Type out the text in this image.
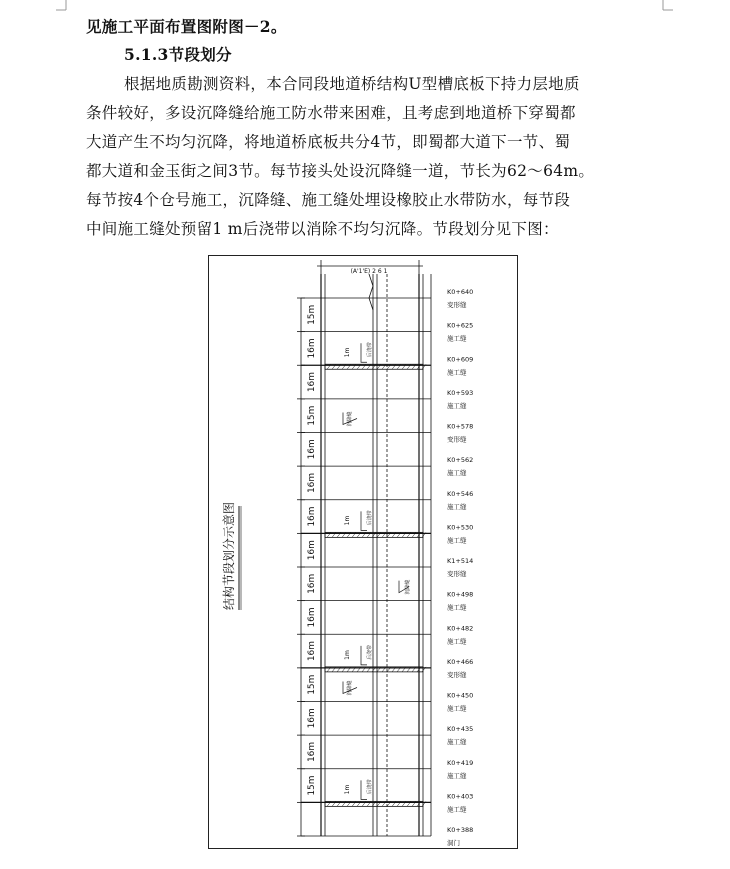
见施工平面布置图附图－2。
5.1.3节段划分
根据地质勘测资料，本合同段地道桥结构U型槽底板下持力层地质
条件较好，多设沉降缝给施工防水带来困难，且考虑到地道桥下穿蜀都
大道产生不均匀沉降，将地道桥底板共分4节，即蜀都大道下一节、蜀
都大道和金玉街之间3节。每节接头处设沉降缝一道，节长为62～64m。
每节按4个仓号施工，沉降缝、施工缝处埋设橡胶止水带防水，每节段
中间施工缝处预留1 m后浇带以消除不均匀沉降。节段划分见下图：
结构节段划分示意图
(A'1'E) 2 6 1
15m
16m
16m
15m
16m
16m
16m
16m
16m
16m
16m
15m
16m
16m
15m
K0+640
变形缝
K0+625
施工缝
K0+609
施工缝
K0+593
施工缝
K0+578
变形缝
K0+562
施工缝
K0+546
施工缝
K0+530
施工缝
K1+514
变形缝
K0+498
施工缝
K0+482
施工缝
K0+466
变形缝
K0+450
施工缝
K0+435
施工缝
K0+419
施工缝
K0+403
施工缝
K0+388
洞门
1m	后浇带
1m	后浇带
1m	后浇带
1m	后浇带
沉降缝
沉降缝
沉降缝
